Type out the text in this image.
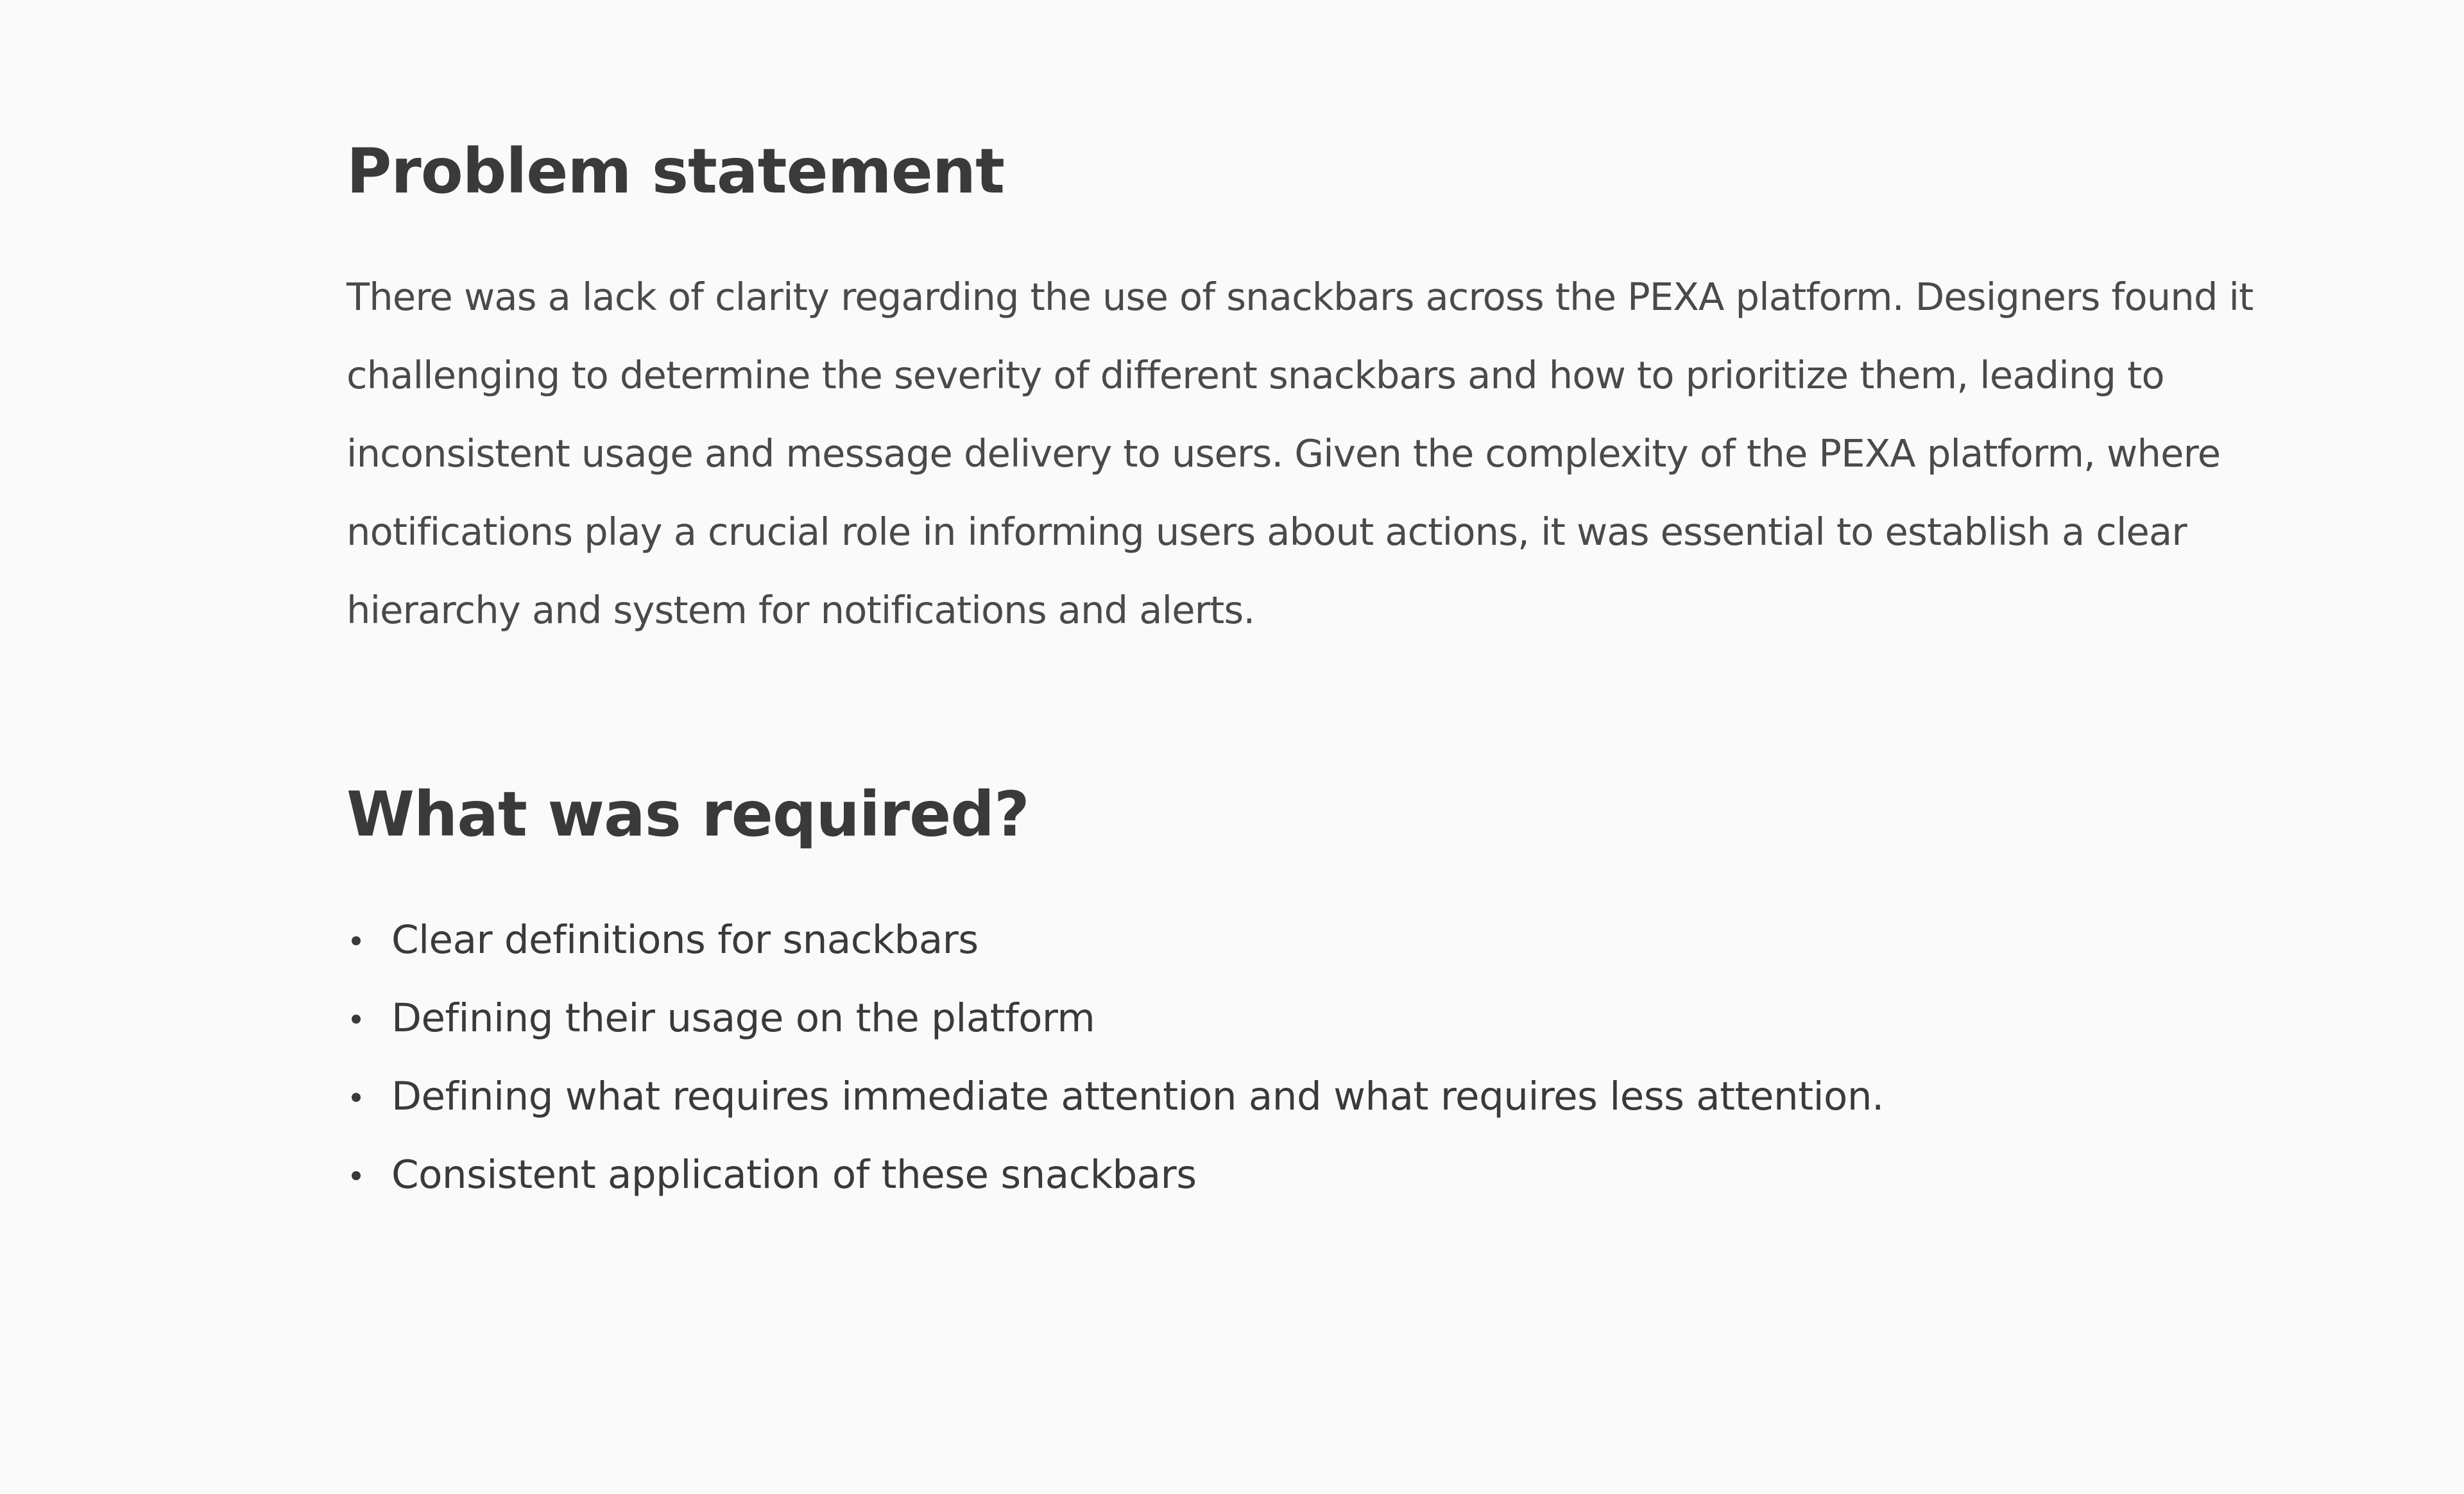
Problem statement

There was a lack of clarity regarding the use of snackbars across the PEXA platform. Designers found it challenging to determine the severity of different snackbars and how to prioritize them, leading to inconsistent usage and message delivery to users. Given the complexity of the PEXA platform, where notifications play a crucial role in informing users about actions, it was essential to establish a clear hierarchy and system for notifications and alerts.

What was required?
Clear definitions for snackbars
Defining their usage on the platform
Defining what requires immediate attention and what requires less attention.
Consistent application of these snackbars
